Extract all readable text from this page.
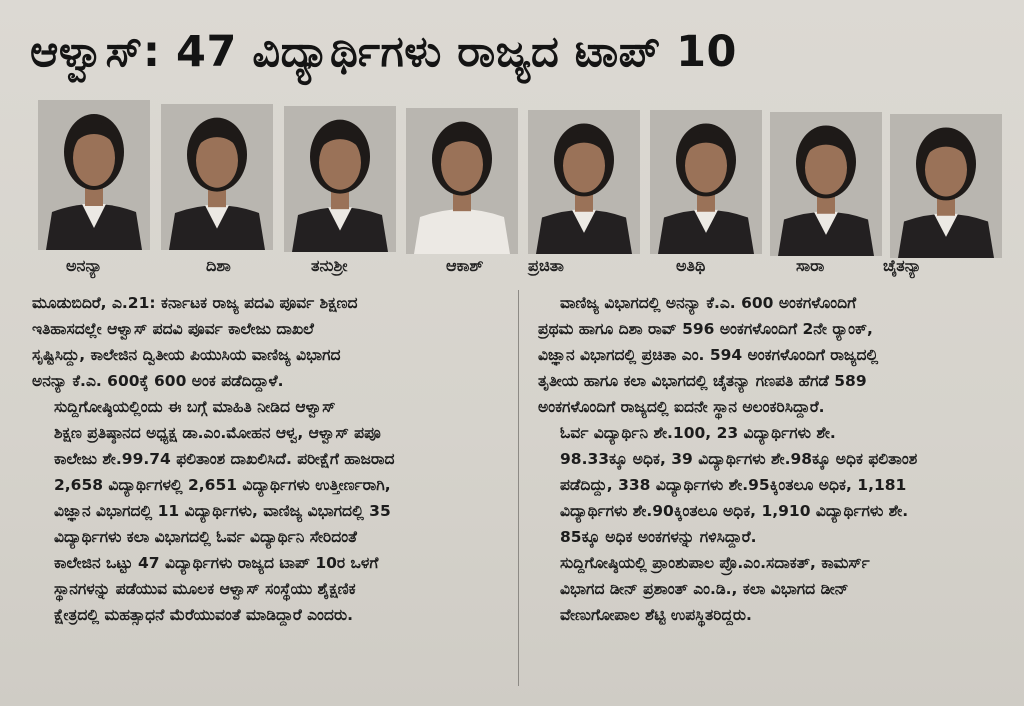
ಆಳ್ವಾಸ್: 47 ವಿದ್ಯಾರ್ಥಿಗಳು ರಾಜ್ಯದ ಟಾಪ್ 10
ಅನನ್ಯಾ	ದಿಶಾ	ತನುಶ್ರೀ	ಆಕಾಶ್	ಪ್ರಚಿತಾ	ಅತಿಥಿ	ಸಾರಾ	ಚೈತನ್ಯಾ

ಮೂಡುಬಿದಿರೆ, ಎ.21: ಕರ್ನಾಟಕ ರಾಜ್ಯ ಪದವಿ ಪೂರ್ವ ಶಿಕ್ಷಣದ
ಇತಿಹಾಸದಲ್ಲೇ ಆಳ್ವಾಸ್ ಪದವಿ ಪೂರ್ವ ಕಾಲೇಜು ದಾಖಲೆ
ಸೃಷ್ಟಿಸಿದ್ದು, ಕಾಲೇಜಿನ ದ್ವಿತೀಯ ಪಿಯುಸಿಯ ವಾಣಿಜ್ಯ ವಿಭಾಗದ
ಅನನ್ಯಾ ಕೆ.ಎ. 600ಕ್ಕೆ 600 ಅಂಕ ಪಡೆದಿದ್ದಾಳೆ.

ಸುದ್ದಿಗೋಷ್ಠಿಯಲ್ಲಿಂದು ಈ ಬಗ್ಗೆ ಮಾಹಿತಿ ನೀಡಿದ ಆಳ್ವಾಸ್
ಶಿಕ್ಷಣ ಪ್ರತಿಷ್ಠಾನದ ಅಧ್ಯಕ್ಷ ಡಾ.ಎಂ.ಮೋಹನ ಆಳ್ವ, ಆಳ್ವಾಸ್ ಪಪೂ
ಕಾಲೇಜು ಶೇ.99.74 ಫಲಿತಾಂಶ ದಾಖಲಿಸಿದೆ. ಪರೀಕ್ಷೆಗೆ ಹಾಜರಾದ
2,658 ವಿದ್ಯಾರ್ಥಿಗಳಲ್ಲಿ 2,651 ವಿದ್ಯಾರ್ಥಿಗಳು ಉತ್ತೀರ್ಣರಾಗಿ,
ವಿಜ್ಞಾನ ವಿಭಾಗದಲ್ಲಿ 11 ವಿದ್ಯಾರ್ಥಿಗಳು, ವಾಣಿಜ್ಯ ವಿಭಾಗದಲ್ಲಿ 35
ವಿದ್ಯಾರ್ಥಿಗಳು ಕಲಾ ವಿಭಾಗದಲ್ಲಿ ಓರ್ವ ವಿದ್ಯಾರ್ಥಿನಿ ಸೇರಿದಂತೆ
ಕಾಲೇಜಿನ ಒಟ್ಟು 47 ವಿದ್ಯಾರ್ಥಿಗಳು ರಾಜ್ಯದ ಟಾಪ್ 10ರ ಒಳಗೆ
ಸ್ಥಾನಗಳನ್ನು ಪಡೆಯುವ ಮೂಲಕ ಆಳ್ವಾಸ್ ಸಂಸ್ಥೆಯು ಶೈಕ್ಷಣಿಕ
ಕ್ಷೇತ್ರದಲ್ಲಿ ಮಹತ್ಸಾಧನೆ ಮೆರೆಯುವಂತೆ ಮಾಡಿದ್ದಾರೆ ಎಂದರು.

ವಾಣಿಜ್ಯ ವಿಭಾಗದಲ್ಲಿ ಅನನ್ಯಾ ಕೆ.ಎ. 600 ಅಂಕಗಳೊಂದಿಗೆ
ಪ್ರಥಮ ಹಾಗೂ ದಿಶಾ ರಾವ್ 596 ಅಂಕಗಳೊಂದಿಗೆ 2ನೇ ರ್‍ಯಾಂಕ್,
ವಿಜ್ಞಾನ ವಿಭಾಗದಲ್ಲಿ ಪ್ರಚಿತಾ ಎಂ. 594 ಅಂಕಗಳೊಂದಿಗೆ ರಾಜ್ಯದಲ್ಲಿ
ತೃತೀಯ ಹಾಗೂ ಕಲಾ ವಿಭಾಗದಲ್ಲಿ ಚೈತನ್ಯಾ ಗಣಪತಿ ಹೆಗಡೆ 589
ಅಂಕಗಳೊಂದಿಗೆ ರಾಜ್ಯದಲ್ಲಿ ಐದನೇ ಸ್ಥಾನ ಅಲಂಕರಿಸಿದ್ದಾರೆ.

ಓರ್ವ ವಿದ್ಯಾರ್ಥಿನಿ ಶೇ.100, 23 ವಿದ್ಯಾರ್ಥಿಗಳು ಶೇ.
98.33ಕ್ಕೂ ಅಧಿಕ, 39 ವಿದ್ಯಾರ್ಥಿಗಳು ಶೇ.98ಕ್ಕೂ ಅಧಿಕ ಫಲಿತಾಂಶ
ಪಡೆದಿದ್ದು, 338 ವಿದ್ಯಾರ್ಥಿಗಳು ಶೇ.95ಕ್ಕಿಂತಲೂ ಅಧಿಕ, 1,181
ವಿದ್ಯಾರ್ಥಿಗಳು ಶೇ.90ಕ್ಕಿಂತಲೂ ಅಧಿಕ, 1,910 ವಿದ್ಯಾರ್ಥಿಗಳು ಶೇ.
85ಕ್ಕೂ ಅಧಿಕ ಅಂಕಗಳನ್ನು ಗಳಿಸಿದ್ದಾರೆ.

ಸುದ್ದಿಗೋಷ್ಠಿಯಲ್ಲಿ ಪ್ರಾಂಶುಪಾಲ ಪ್ರೊ.ಎಂ.ಸದಾಕತ್, ಕಾಮರ್ಸ್
ವಿಭಾಗದ ಡೀನ್ ಪ್ರಶಾಂತ್ ಎಂ.ಡಿ., ಕಲಾ ವಿಭಾಗದ ಡೀನ್
ವೇಣುಗೋಪಾಲ ಶೆಟ್ಟಿ ಉಪಸ್ಥಿತರಿದ್ದರು.
